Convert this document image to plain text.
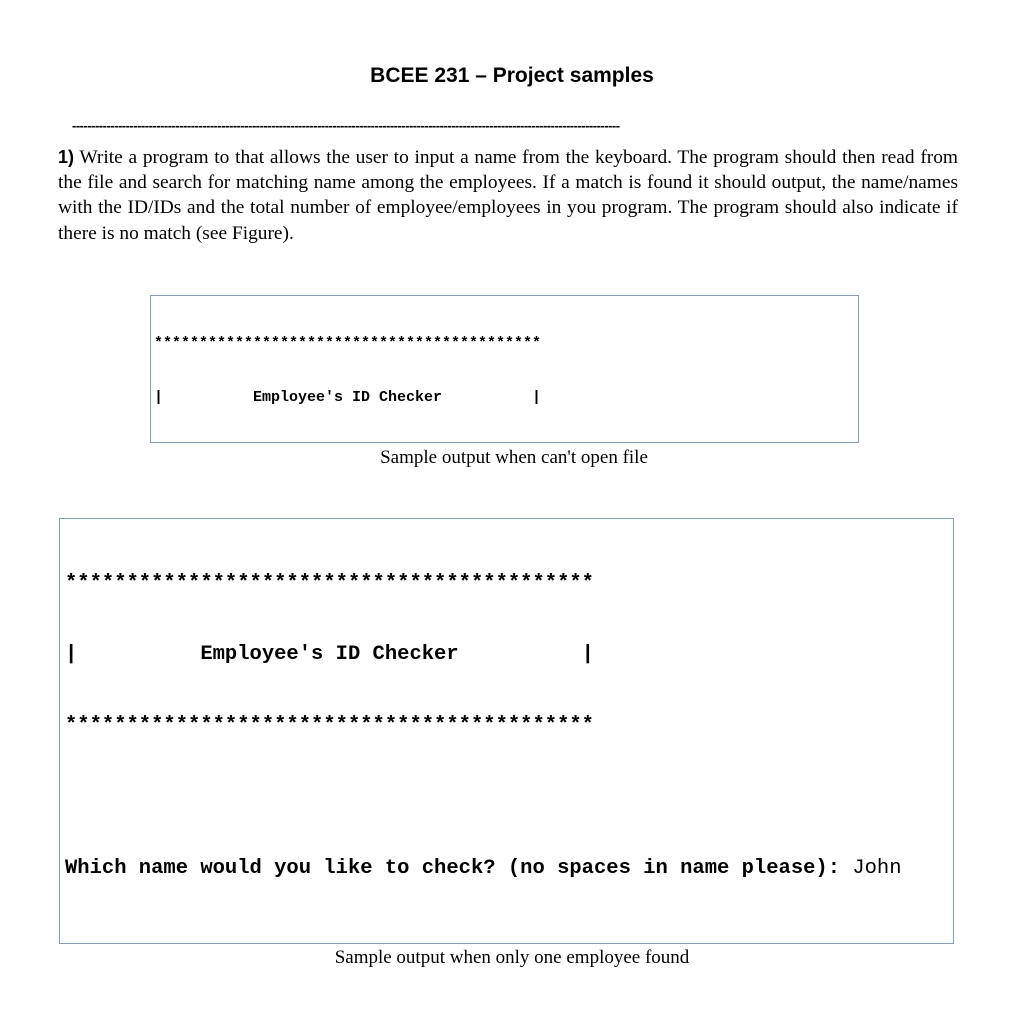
BCEE 231 – Project samples
-----------------------------------------------------------------------------------------------------------------------------------------------
1) Write a program to that allows the user to input a name from the keyboard. The program should then read from the file and search for matching name among the employees. If a match is found it should output, the name/names with the ID/IDs and the total number of employee/employees in you program. The program should also indicate if there is no match (see Figure).

*******************************************

|          Employee's ID Checker          |

Sample output when can't open file

*******************************************

|          Employee's ID Checker          |

*******************************************

Which name would you like to check? (no spaces in name please): John

Sample output when only one employee found
